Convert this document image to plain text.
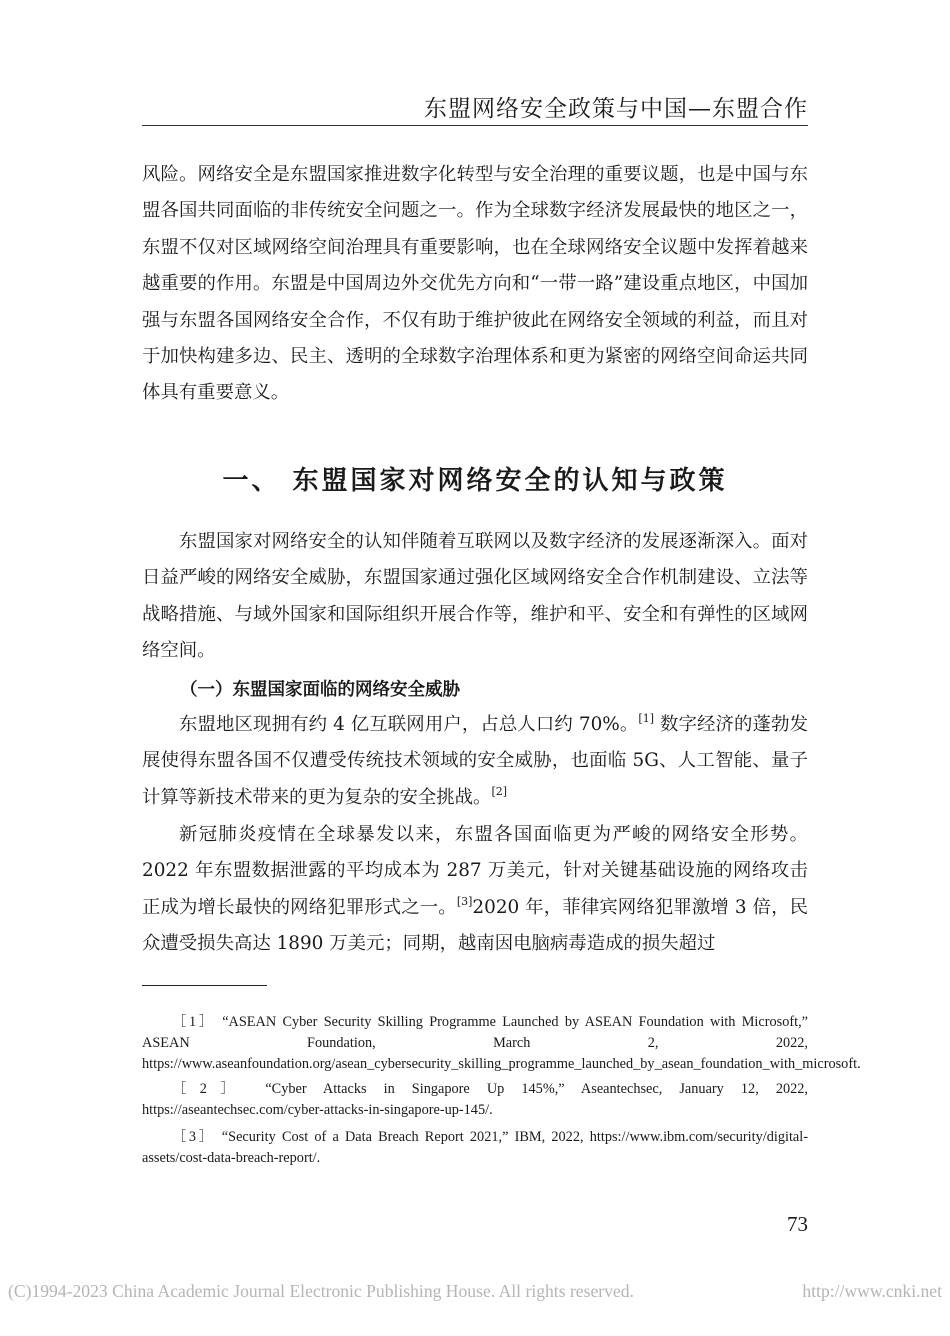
东盟网络安全政策与中国—东盟合作

风险。网络安全是东盟国家推进数字化转型与安全治理的重要议题，也是中国与东盟各国共同面临的非传统安全问题之一。作为全球数字经济发展最快的地区之一，东盟不仅对区域网络空间治理具有重要影响，也在全球网络安全议题中发挥着越来越重要的作用。东盟是中国周边外交优先方向和“一带一路”建设重点地区，中国加强与东盟各国网络安全合作，不仅有助于维护彼此在网络安全领域的利益，而且对于加快构建多边、民主、透明的全球数字治理体系和更为紧密的网络空间命运共同体具有重要意义。

一、 东盟国家对网络安全的认知与政策

东盟国家对网络安全的认知伴随着互联网以及数字经济的发展逐渐深入。面对日益严峻的网络安全威胁，东盟国家通过强化区域网络安全合作机制建设、立法等战略措施、与域外国家和国际组织开展合作等，维护和平、安全和有弹性的区域网络空间。

（一）东盟国家面临的网络安全威胁

东盟地区现拥有约 4 亿互联网用户，占总人口约 70%。[1] 数字经济的蓬勃发展使得东盟各国不仅遭受传统技术领域的安全威胁，也面临 5G、人工智能、量子计算等新技术带来的更为复杂的安全挑战。[2]

新冠肺炎疫情在全球暴发以来，东盟各国面临更为严峻的网络安全形势。2022 年东盟数据泄露的平均成本为 287 万美元，针对关键基础设施的网络攻击正成为增长最快的网络犯罪形式之一。[3]2020 年，菲律宾网络犯罪激增 3 倍，民众遭受损失高达 1890 万美元；同期，越南因电脑病毒造成的损失超过

［1］ “ASEAN Cyber Security Skilling Programme Launched by ASEAN Foundation with Microsoft,” ASEAN Foundation, March 2, 2022, https://www.aseanfoundation.org/asean_cybersecurity_skilling_programme_launched_by_asean_foundation_with_microsoft.

［2］ “Cyber Attacks in Singapore Up 145%,” Aseantechsec, January 12, 2022, https://aseantechsec.com/cyber-attacks-in-singapore-up-145/.

［3］ “Security Cost of a Data Breach Report 2021,” IBM, 2022, https://www.ibm.com/security/digital-assets/cost-data-breach-report/.

73
(C)1994-2023 China Academic Journal Electronic Publishing House. All rights reserved.	http://www.cnki.net
